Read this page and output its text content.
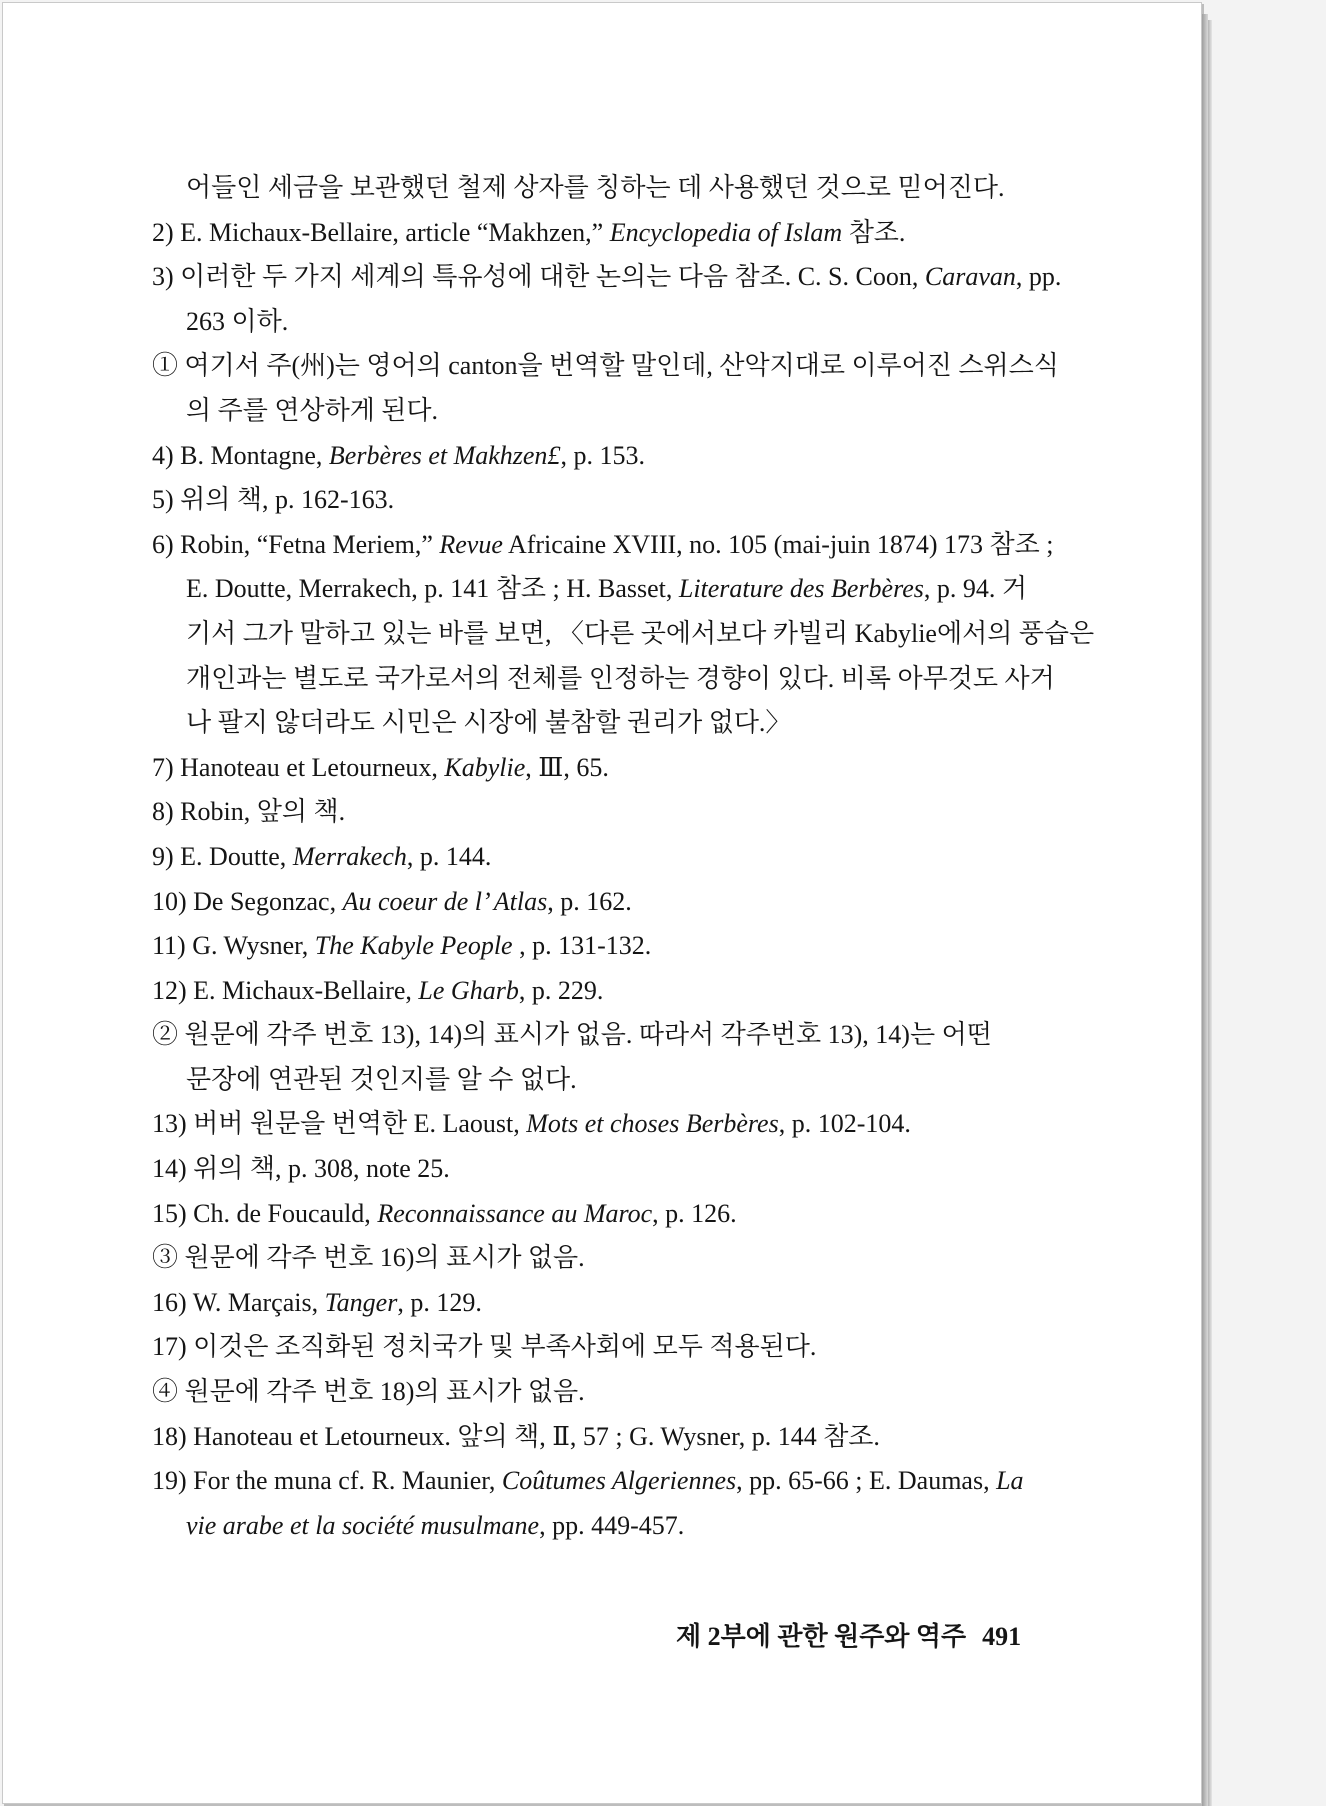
어들인 세금을 보관했던 철제 상자를 칭하는 데 사용했던 것으로 믿어진다.
2) E. Michaux-Bellaire, article “Makhzen,” Encyclopedia of Islam 참조.
3) 이러한 두 가지 세계의 특유성에 대한 논의는 다음 참조. C. S. Coon, Caravan, pp.
263 이하.
① 여기서 주(州)는 영어의 canton을 번역할 말인데, 산악지대로 이루어진 스위스식
의 주를 연상하게 된다.
4) B. Montagne, Berbères et Makhzen£, p. 153.
5) 위의 책, p. 162-163.
6) Robin, “Fetna Meriem,” Revue Africaine XVIII, no. 105 (mai-juin 1874) 173 참조 ;
E. Doutte, Merrakech, p. 141 참조 ; H. Basset, Literature des Berbères, p. 94. 거
기서 그가 말하고 있는 바를 보면, 〈다른 곳에서보다 카빌리 Kabylie에서의 풍습은
개인과는 별도로 국가로서의 전체를 인정하는 경향이 있다. 비록 아무것도 사거
나 팔지 않더라도 시민은 시장에 불참할 권리가 없다.〉
7) Hanoteau et Letourneux, Kabylie, Ⅲ, 65.
8) Robin, 앞의 책.
9) E. Doutte, Merrakech, p. 144.
10) De Segonzac, Au coeur de l’ Atlas, p. 162.
11) G. Wysner, The Kabyle People , p. 131-132.
12) E. Michaux-Bellaire, Le Gharb, p. 229.
② 원문에 각주 번호 13), 14)의 표시가 없음. 따라서 각주번호 13), 14)는 어떤
문장에 연관된 것인지를 알 수 없다.
13) 버버 원문을 번역한 E. Laoust, Mots et choses Berbères, p. 102-104.
14) 위의 책, p. 308, note 25.
15) Ch. de Foucauld, Reconnaissance au Maroc, p. 126.
③ 원문에 각주 번호 16)의 표시가 없음.
16) W. Marçais, Tanger, p. 129.
17) 이것은 조직화된 정치국가 및 부족사회에 모두 적용된다.
④ 원문에 각주 번호 18)의 표시가 없음.
18) Hanoteau et Letourneux. 앞의 책, Ⅱ, 57 ; G. Wysner, p. 144 참조.
19) For the muna cf. R. Maunier, Coûtumes Algeriennes, pp. 65-66 ; E. Daumas, La
vie arabe et la société musulmane, pp. 449-457.
제 2부에 관한 원주와 역주 491
